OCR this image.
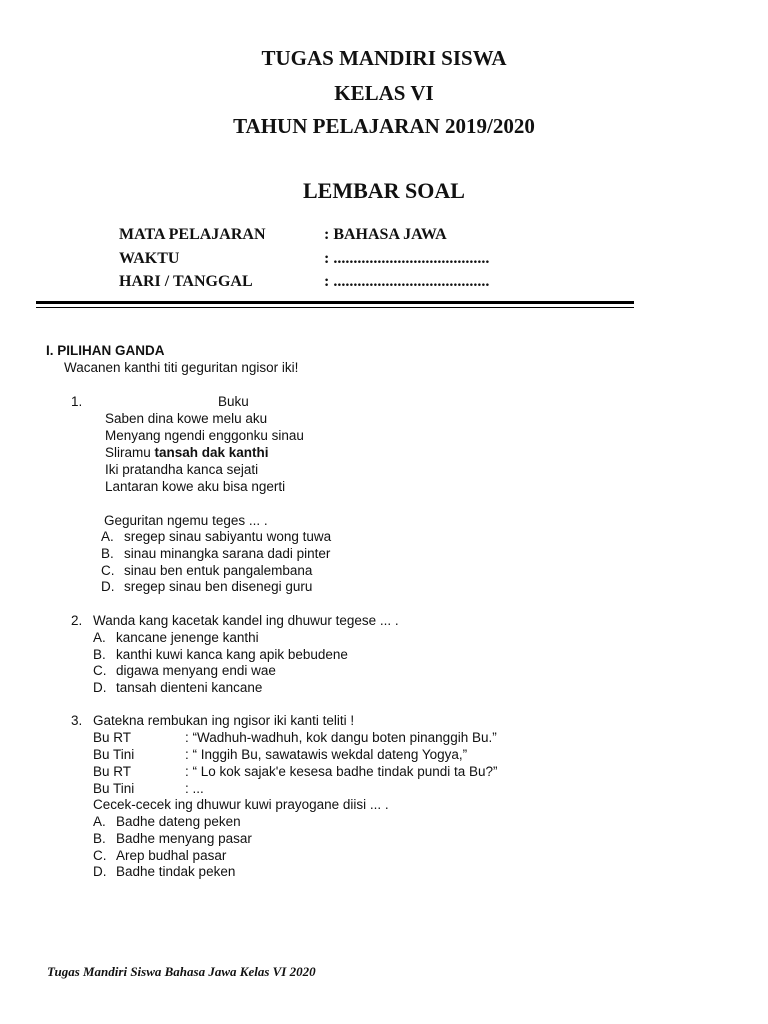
TUGAS MANDIRI SISWA
KELAS VI
TAHUN PELAJARAN 2019/2020
LEMBAR SOAL
MATA PELAJARAN	: BAHASA JAWA
WAKTU	: .......................................
HARI / TANGGAL	: .......................................
I. PILIHAN GANDA
Wacanen kanthi titi geguritan ngisor iki!
1.	Buku
Saben dina kowe melu aku
Menyang ngendi enggonku sinau
Sliramu tansah dak kanthi
Iki pratandha kanca sejati
Lantaran kowe aku bisa ngerti
Geguritan ngemu teges ... .
A. sregep sinau sabiyantu wong tuwa
B. sinau minangka sarana dadi pinter
C. sinau ben entuk pangalembana
D. sregep sinau ben disenegi guru
2. Wanda kang kacetak kandel ing dhuwur tegese ... .
A. kancane jenenge kanthi
B. kanthi kuwi kanca kang apik bebudene
C. digawa menyang endi wae
D. tansah dienteni kancane
3. Gatekna rembukan ing ngisor iki kanti teliti !
Bu RT	: “Wadhuh-wadhuh, kok dangu boten pinanggih Bu.”
Bu Tini	: “ Inggih Bu, sawatawis wekdal dateng Yogya,”
Bu RT	: “ Lo kok sajak'e kesesa badhe tindak pundi ta Bu?”
Bu Tini	: ...
Cecek-cecek ing dhuwur kuwi prayogane diisi ... .
A. Badhe dateng peken
B. Badhe menyang pasar
C. Arep budhal pasar
D. Badhe tindak peken
Tugas Mandiri Siswa Bahasa Jawa Kelas VI 2020
